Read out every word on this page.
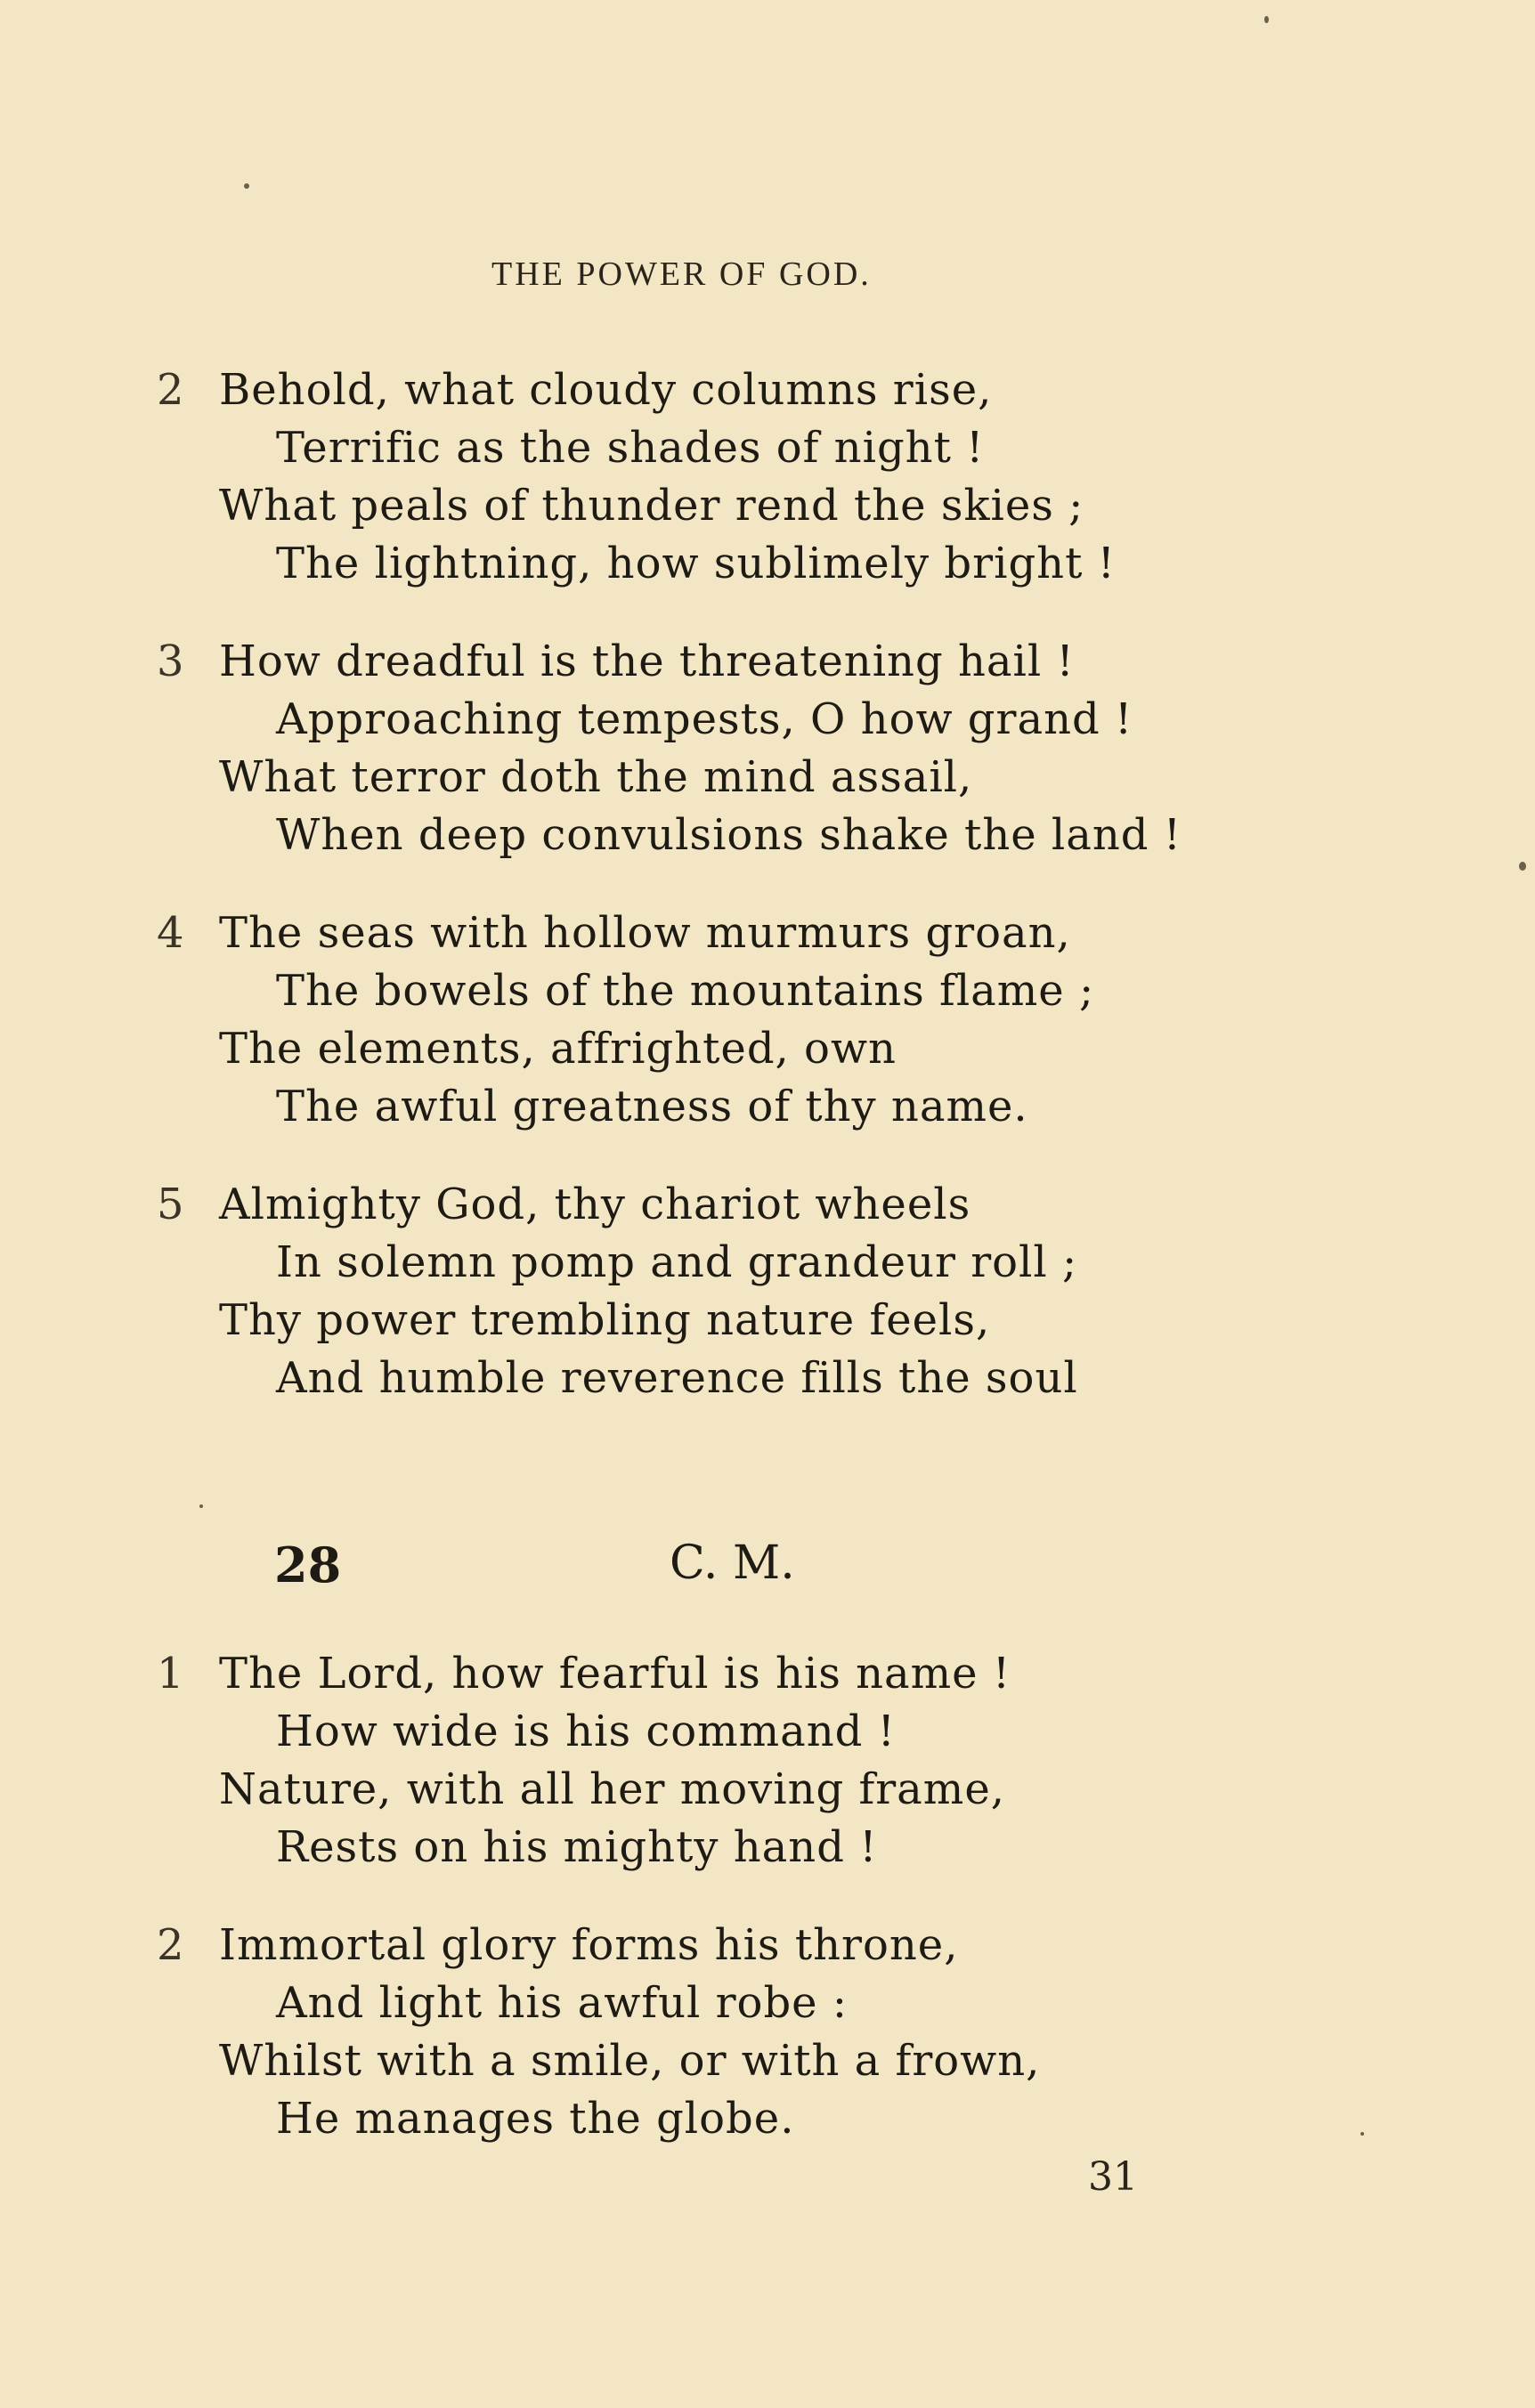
THE POWER OF GOD.
2 Behold, what cloudy columns rise,
Terrific as the shades of night !
What peals of thunder rend the skies ;
The lightning, how sublimely bright !
3 How dreadful is the threatening hail !
Approaching tempests, O how grand !
What terror doth the mind assail,
When deep convulsions shake the land !
4 The seas with hollow murmurs groan,
The bowels of the mountains flame ;
The elements, affrighted, own
The awful greatness of thy name.
5 Almighty God, thy chariot wheels
In solemn pomp and grandeur roll ;
Thy power trembling nature feels,
And humble reverence fills the soul
28	C. M.
1 The Lord, how fearful is his name !
How wide is his command !
Nature, with all her moving frame,
Rests on his mighty hand !
2 Immortal glory forms his throne,
And light his awful robe :
Whilst with a smile, or with a frown,
He manages the globe.
31
